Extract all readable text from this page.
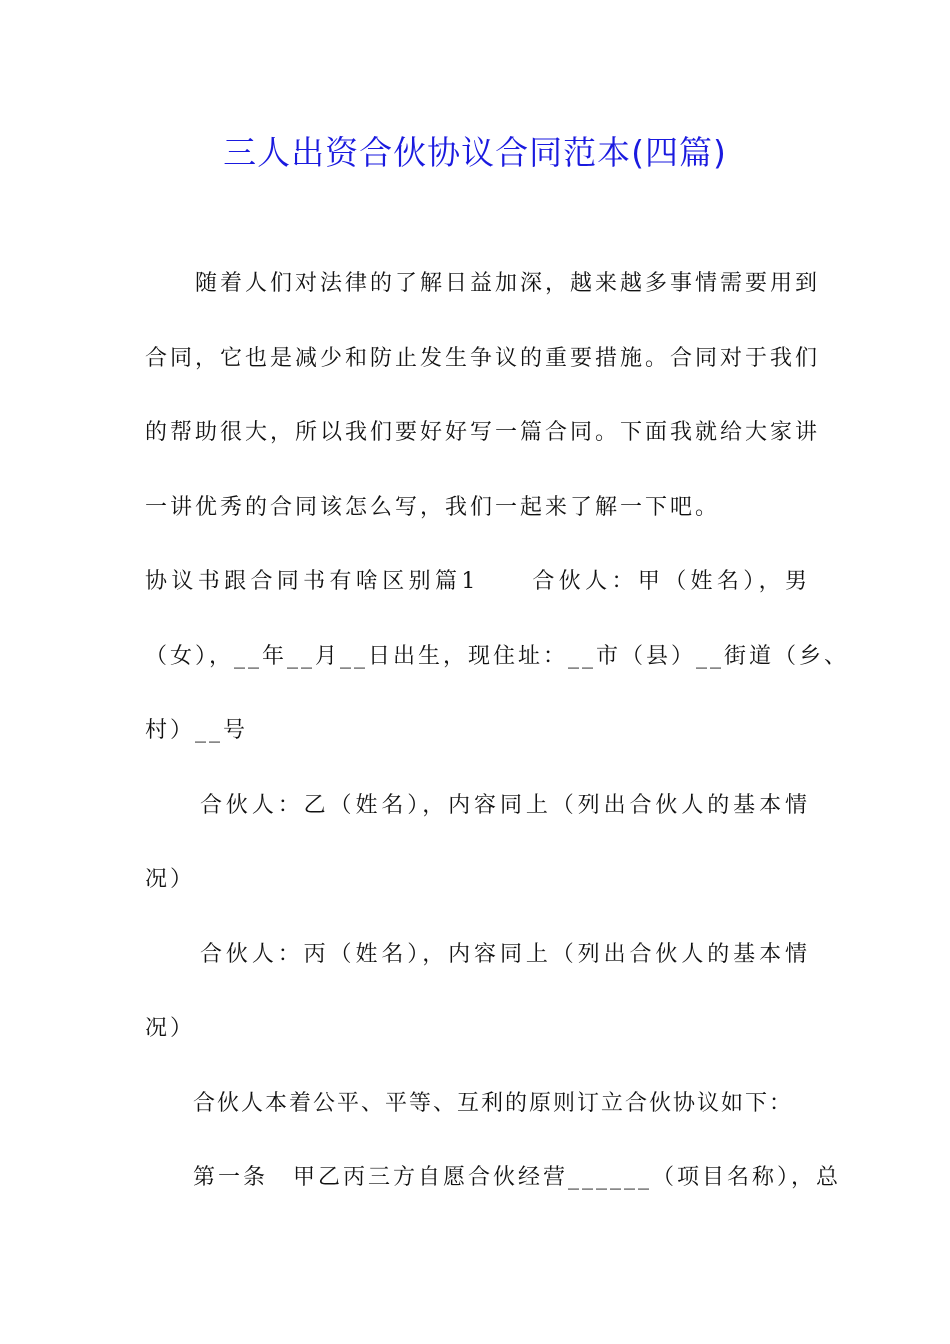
三人出资合伙协议合同范本(四篇)
随着人们对法律的了解日益加深，越来越多事情需要用到
合同，它也是减少和防止发生争议的重要措施。合同对于我们
的帮助很大，所以我们要好好写一篇合同。下面我就给大家讲
一讲优秀的合同该怎么写，我们一起来了解一下吧。
协议书跟合同书有啥区别篇1　　合伙人：甲（姓名），男
（女），__年__月__日出生，现住址：__市（县）__街道（乡、
村）__号
合伙人：乙（姓名），内容同上（列出合伙人的基本情
况）
合伙人：丙（姓名），内容同上（列出合伙人的基本情
况）
合伙人本着公平、平等、互利的原则订立合伙协议如下：
第一条　甲乙丙三方自愿合伙经营______（项目名称），总
